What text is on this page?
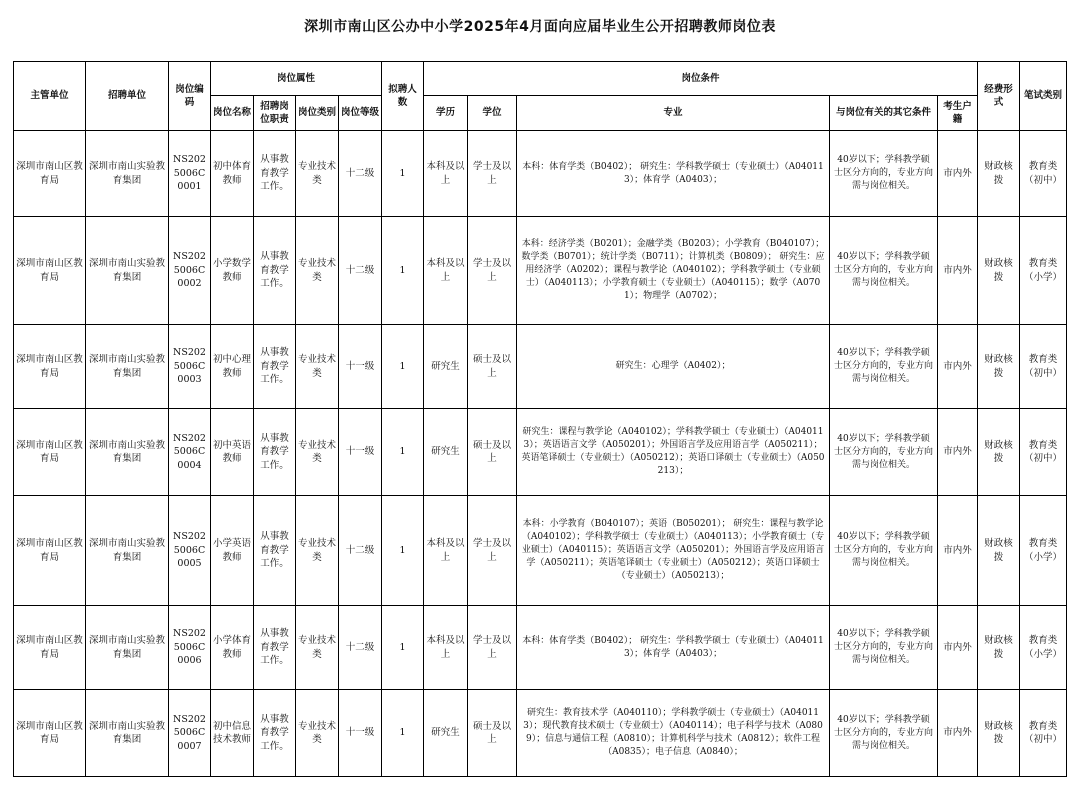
深圳市南山区公办中小学2025年4月面向应届毕业生公开招聘教师岗位表
主管单位	招聘单位	岗位编码	岗位属性				拟聘人数	岗位条件					经费形式	笔试类别
			岗位名称	招聘岗位职责	岗位类别	岗位等级		学历	学位	专业	与岗位有关的其它条件	考生户籍		
深圳市南山区教育局	深圳市南山实验教育集团	NS2025006C0001	初中体育教师	从事教育教学工作。	专业技术类	十二级	1	本科及以上	学士及以上	本科：体育学类（B0402）； 研究生：学科教学硕士（专业硕士）（A040113）；体育学（A0403）；	40岁以下；学科教学硕士区分方向的，专业方向需与岗位相关。	市内外	财政核拨	教育类（初中）
深圳市南山区教育局	深圳市南山实验教育集团	NS2025006C0002	小学数学教师	从事教育教学工作。	专业技术类	十二级	1	本科及以上	学士及以上	本科：经济学类（B0201）；金融学类（B0203）；小学教育（B040107）；数学类（B0701）；统计学类（B0711）；计算机类（B0809）； 研究生：应用经济学（A0202）；课程与教学论（A040102）；学科教学硕士（专业硕士）（A040113）；小学教育硕士（专业硕士）（A040115）；数学（A0701）；物理学（A0702）；	40岁以下；学科教学硕士区分方向的，专业方向需与岗位相关。	市内外	财政核拨	教育类（小学）
深圳市南山区教育局	深圳市南山实验教育集团	NS2025006C0003	初中心理教师	从事教育教学工作。	专业技术类	十一级	1	研究生	硕士及以上	研究生：心理学（A0402）；	40岁以下；学科教学硕士区分方向的，专业方向需与岗位相关。	市内外	财政核拨	教育类（初中）
深圳市南山区教育局	深圳市南山实验教育集团	NS2025006C0004	初中英语教师	从事教育教学工作。	专业技术类	十一级	1	研究生	硕士及以上	研究生：课程与教学论（A040102）；学科教学硕士（专业硕士）（A040113）；英语语言文学（A050201）；外国语言学及应用语言学（A050211）；英语笔译硕士（专业硕士）（A050212）；英语口译硕士（专业硕士）（A050213）；	40岁以下；学科教学硕士区分方向的，专业方向需与岗位相关。	市内外	财政核拨	教育类（初中）
深圳市南山区教育局	深圳市南山实验教育集团	NS2025006C0005	小学英语教师	从事教育教学工作。	专业技术类	十二级	1	本科及以上	学士及以上	本科：小学教育（B040107）；英语（B050201）； 研究生：课程与教学论（A040102）；学科教学硕士（专业硕士）（A040113）；小学教育硕士（专业硕士）（A040115）；英语语言文学（A050201）；外国语言学及应用语言学（A050211）；英语笔译硕士（专业硕士）（A050212）；英语口译硕士（专业硕士）（A050213）；	40岁以下；学科教学硕士区分方向的，专业方向需与岗位相关。	市内外	财政核拨	教育类（小学）
深圳市南山区教育局	深圳市南山实验教育集团	NS2025006C0006	小学体育教师	从事教育教学工作。	专业技术类	十二级	1	本科及以上	学士及以上	本科：体育学类（B0402）； 研究生：学科教学硕士（专业硕士）（A040113）；体育学（A0403）；	40岁以下；学科教学硕士区分方向的，专业方向需与岗位相关。	市内外	财政核拨	教育类（小学）
深圳市南山区教育局	深圳市南山实验教育集团	NS2025006C0007	初中信息技术教师	从事教育教学工作。	专业技术类	十一级	1	研究生	硕士及以上	研究生：教育技术学（A040110）；学科教学硕士（专业硕士）（A040113）；现代教育技术硕士（专业硕士）（A040114）；电子科学与技术（A0809）；信息与通信工程（A0810）；计算机科学与技术（A0812）；软件工程（A0835）；电子信息（A0840）；	40岁以下；学科教学硕士区分方向的，专业方向需与岗位相关。	市内外	财政核拨	教育类（初中）
